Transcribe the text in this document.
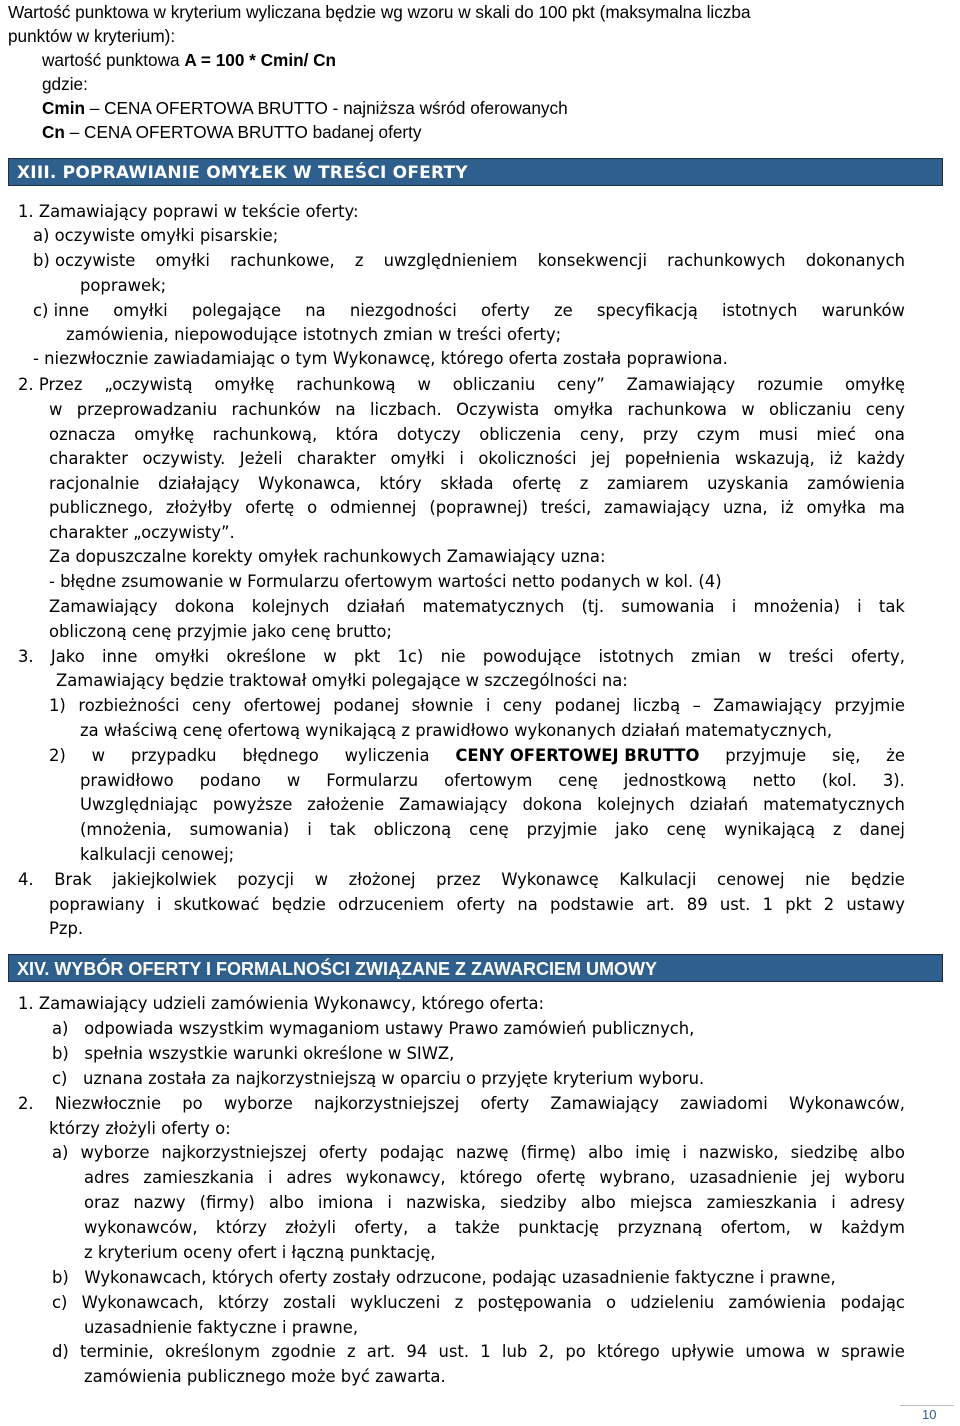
Wartość punktowa w kryterium wyliczana będzie wg wzoru w skali do 100 pkt (maksymalna liczba
punktów w kryterium):
wartość punktowa A = 100 * Cmin/ Cn
gdzie:
Cmin – CENA OFERTOWA BRUTTO - najniższa wśród oferowanych
Cn – CENA OFERTOWA BRUTTO badanej oferty
XIII. POPRAWIANIE OMYŁEK W TREŚCI OFERTY
1. Zamawiający poprawi w tekście oferty:
a) oczywiste omyłki pisarskie;
b) oczywiste omyłki rachunkowe, z uwzględnieniem konsekwencji rachunkowych dokonanych
poprawek;
c) inne omyłki polegające na niezgodności oferty ze specyfikacją istotnych warunków
zamówienia, niepowodujące istotnych zmian w treści oferty;
- niezwłocznie zawiadamiając o tym Wykonawcę, którego oferta została poprawiona.
2. Przez „oczywistą omyłkę rachunkową w obliczaniu ceny” Zamawiający rozumie omyłkę
w przeprowadzaniu rachunków na liczbach. Oczywista omyłka rachunkowa w obliczaniu ceny
oznacza omyłkę rachunkową, która dotyczy obliczenia ceny, przy czym musi mieć ona
charakter oczywisty. Jeżeli charakter omyłki i okoliczności jej popełnienia wskazują, iż każdy
racjonalnie działający Wykonawca, który składa ofertę z zamiarem uzyskania zamówienia
publicznego, złożyłby ofertę o odmiennej (poprawnej) treści, zamawiający uzna, iż omyłka ma
charakter „oczywisty”.
Za dopuszczalne korekty omyłek rachunkowych Zamawiający uzna:
- błędne zsumowanie w Formularzu ofertowym wartości netto podanych w kol. (4)
Zamawiający dokona kolejnych działań matematycznych (tj. sumowania i mnożenia) i tak
obliczoną cenę przyjmie jako cenę brutto;
3. Jako inne omyłki określone w pkt 1c) nie powodujące istotnych zmian w treści oferty,
Zamawiający będzie traktował omyłki polegające w szczególności na:
1) rozbieżności ceny ofertowej podanej słownie i ceny podanej liczbą – Zamawiający przyjmie
za właściwą cenę ofertową wynikającą z prawidłowo wykonanych działań matematycznych,
2) w przypadku błędnego wyliczenia CENY OFERTOWEJ BRUTTO przyjmuje się, że
prawidłowo podano w Formularzu ofertowym cenę jednostkową netto (kol. 3).
Uwzględniając powyższe założenie Zamawiający dokona kolejnych działań matematycznych
(mnożenia, sumowania) i tak obliczoną cenę przyjmie jako cenę wynikającą z danej
kalkulacji cenowej;
4. Brak jakiejkolwiek pozycji w złożonej przez Wykonawcę Kalkulacji cenowej nie będzie
poprawiany i skutkować będzie odrzuceniem oferty na podstawie art. 89 ust. 1 pkt 2 ustawy
Pzp.
XIV. WYBÓR OFERTY I FORMALNOŚCI ZWIĄZANE Z ZAWARCIEM UMOWY
1. Zamawiający udzieli zamówienia Wykonawcy, którego oferta:
a)   odpowiada wszystkim wymaganiom ustawy Prawo zamówień publicznych,
b)   spełnia wszystkie warunki określone w SIWZ,
c)   uznana została za najkorzystniejszą w oparciu o przyjęte kryterium wyboru.
2. Niezwłocznie po wyborze najkorzystniejszej oferty Zamawiający zawiadomi Wykonawców,
którzy złożyli oferty o:
a) wyborze najkorzystniejszej oferty podając nazwę (firmę) albo imię i nazwisko, siedzibę albo
adres zamieszkania i adres wykonawcy, którego ofertę wybrano, uzasadnienie jej wyboru
oraz nazwy (firmy) albo imiona i nazwiska, siedziby albo miejsca zamieszkania i adresy
wykonawców, którzy złożyli oferty, a także punktację przyznaną ofertom, w każdym
z kryterium oceny ofert i łączną punktację,
b)   Wykonawcach, których oferty zostały odrzucone, podając uzasadnienie faktyczne i prawne,
c) Wykonawcach, którzy zostali wykluczeni z postępowania o udzieleniu zamówienia podając
uzasadnienie faktyczne i prawne,
d) terminie, określonym zgodnie z art. 94 ust. 1 lub 2, po którego upływie umowa w sprawie
zamówienia publicznego może być zawarta.
10
